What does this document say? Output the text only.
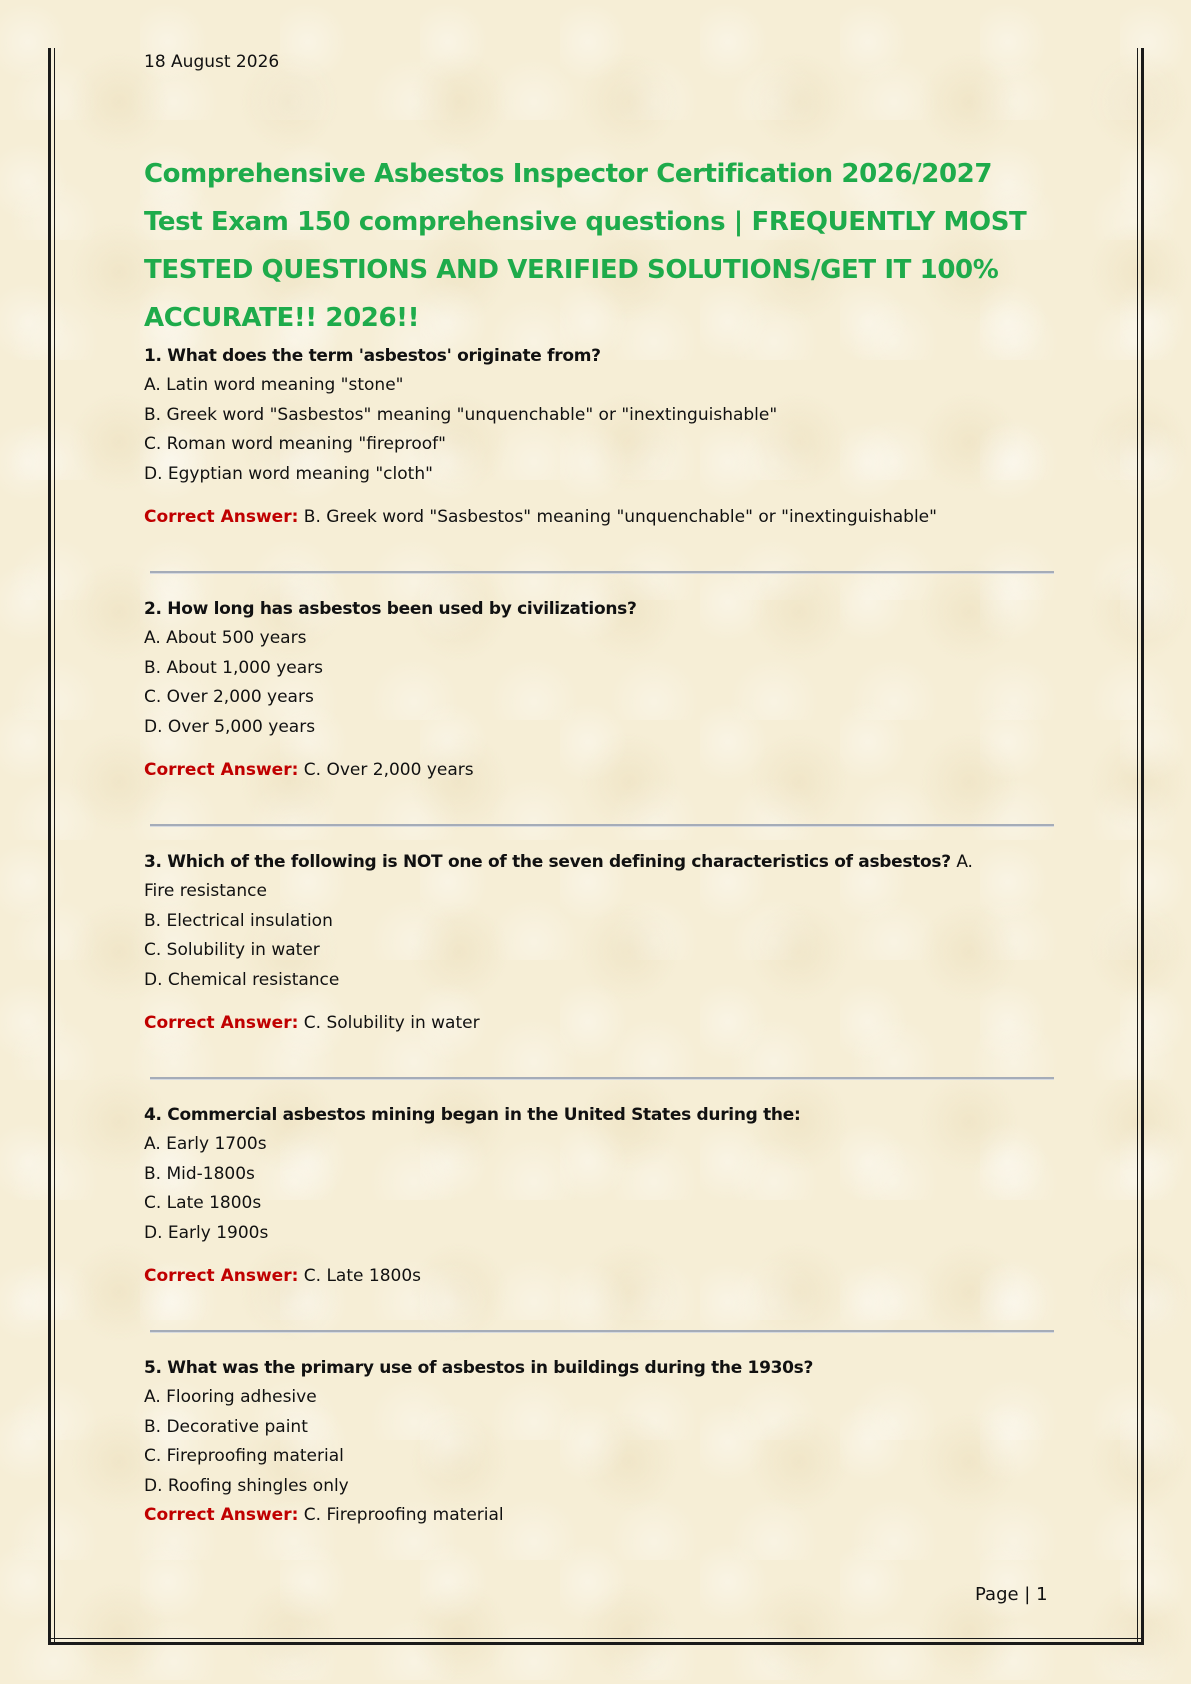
18 August 2026
Comprehensive Asbestos Inspector Certification 2026/2027 Test Exam 150 comprehensive questions | FREQUENTLY MOST TESTED QUESTIONS AND VERIFIED SOLUTIONS/GET IT 100% ACCURATE!! 2026!!
1. What does the term 'asbestos' originate from?
A. Latin word meaning "stone"
B. Greek word "Sasbestos" meaning "unquenchable" or "inextinguishable"
C. Roman word meaning "fireproof"
D. Egyptian word meaning "cloth"
Correct Answer: B. Greek word "Sasbestos" meaning "unquenchable" or "inextinguishable"
2. How long has asbestos been used by civilizations?
A. About 500 years
B. About 1,000 years
C. Over 2,000 years
D. Over 5,000 years
Correct Answer: C. Over 2,000 years
3. Which of the following is NOT one of the seven defining characteristics of asbestos? A.
Fire resistance
B. Electrical insulation
C. Solubility in water
D. Chemical resistance
Correct Answer: C. Solubility in water
4. Commercial asbestos mining began in the United States during the:
A. Early 1700s
B. Mid-1800s
C. Late 1800s
D. Early 1900s
Correct Answer: C. Late 1800s
5. What was the primary use of asbestos in buildings during the 1930s?
A. Flooring adhesive
B. Decorative paint
C. Fireproofing material
D. Roofing shingles only
Correct Answer: C. Fireproofing material
Page | 1
